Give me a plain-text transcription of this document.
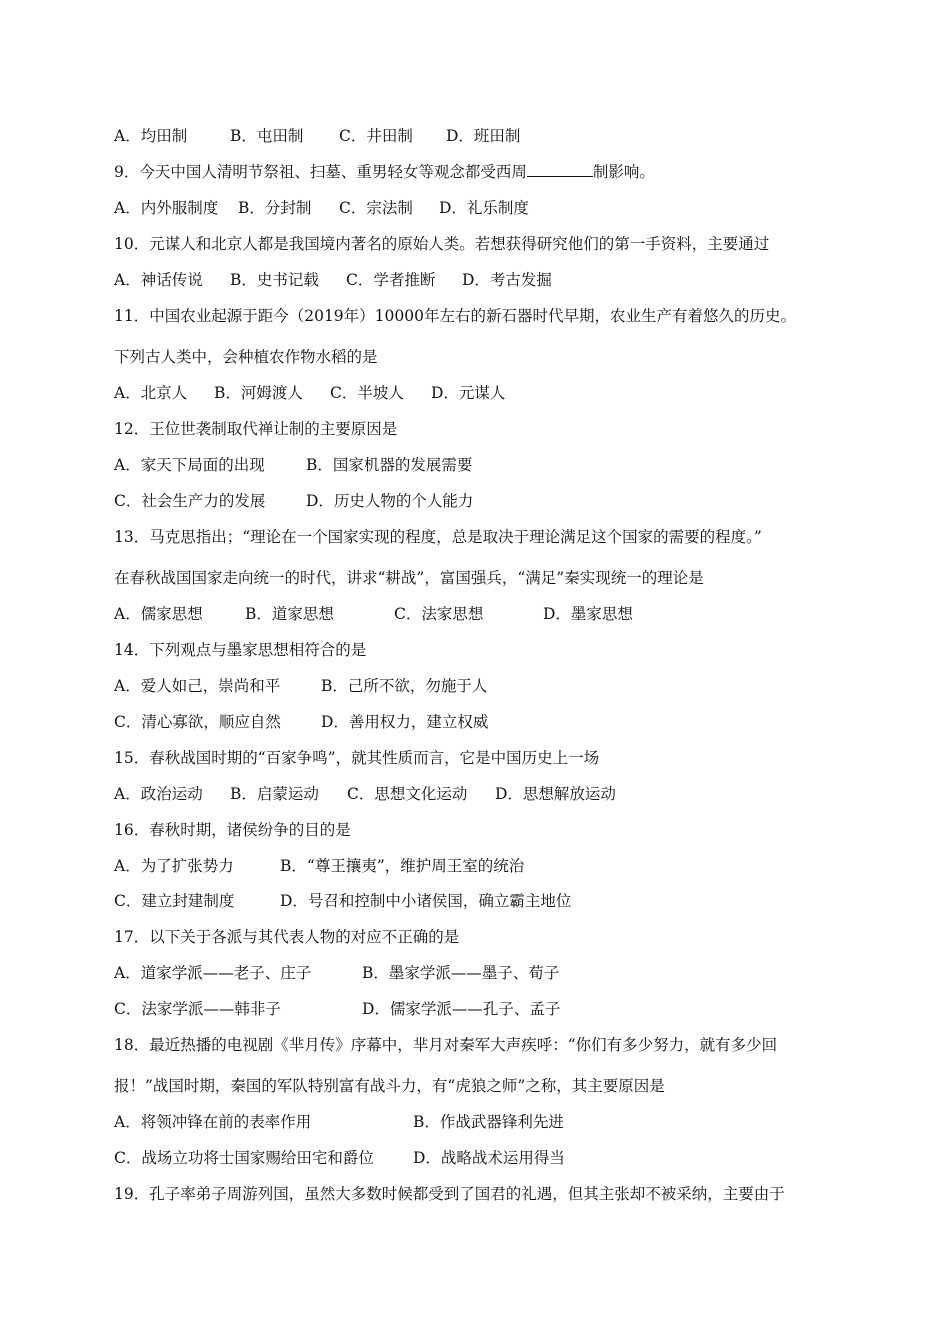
A．均田制	B．屯田制	C．井田制	D．班田制
9．今天中国人清明节祭祖、扫墓、重男轻女等观念都受西周	制影响。
A．内外服制度	B．分封制	C．宗法制	D．礼乐制度
10．元谋人和北京人都是我国境内著名的原始人类。若想获得研究他们的第一手资料，主要通过
A．神话传说	B．史书记载	C．学者推断	D．考古发掘
11．中国农业起源于距今（2019年）10000年左右的新石器时代早期，农业生产有着悠久的历史。
下列古人类中，会种植农作物水稻的是
A．北京人	B．河姆渡人	C．半坡人	D．元谋人
12．王位世袭制取代禅让制的主要原因是
A．家天下局面的出现	B．国家机器的发展需要
C．社会生产力的发展	D．历史人物的个人能力
13．马克思指出；“理论在一个国家实现的程度，总是取决于理论满足这个国家的需要的程度。”
在春秋战国国家走向统一的时代，讲求“耕战”，富国强兵，“满足”秦实现统一的理论是
A．儒家思想	B．道家思想	C．法家思想	D．墨家思想
14．下列观点与墨家思想相符合的是
A．爱人如己，崇尚和平	B．己所不欲，勿施于人
C．清心寡欲，顺应自然	D．善用权力，建立权威
15．春秋战国时期的“百家争鸣”，就其性质而言，它是中国历史上一场
A．政治运动	B．启蒙运动	C．思想文化运动	D．思想解放运动
16．春秋时期，诸侯纷争的目的是
A．为了扩张势力	B．“尊王攘夷”，维护周王室的统治
C．建立封建制度	D．号召和控制中小诸侯国，确立霸主地位
17．以下关于各派与其代表人物的对应不正确的是
A．道家学派——老子、庄子	B．墨家学派——墨子、荀子
C．法家学派——韩非子	D．儒家学派——孔子、孟子
18．最近热播的电视剧《芈月传》序幕中，芈月对秦军大声疾呼：“你们有多少努力，就有多少回
报！”战国时期，秦国的军队特别富有战斗力，有“虎狼之师”之称，其主要原因是
A．将领冲锋在前的表率作用	B．作战武器锋利先进
C．战场立功将士国家赐给田宅和爵位	D．战略战术运用得当
19．孔子率弟子周游列国，虽然大多数时候都受到了国君的礼遇，但其主张却不被采纳，主要由于
